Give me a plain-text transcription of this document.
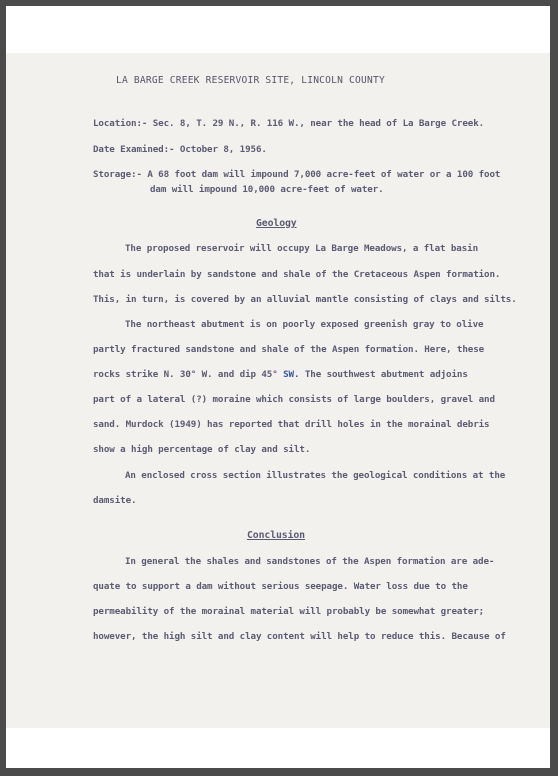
LA BARGE CREEK RESERVOIR SITE, LINCOLN COUNTY
Location:- Sec. 8, T. 29 N., R. 116 W., near the head of La Barge Creek.
Date Examined:- October 8, 1956.
Storage:- A 68 foot dam will impound 7,000 acre-feet of water or a 100 foot
dam will impound 10,000 acre-feet of water.
Geology
The proposed reservoir will occupy La Barge Meadows, a flat basin
that is underlain by sandstone and shale of the Cretaceous Aspen formation.
This, in turn, is covered by an alluvial mantle consisting of clays and silts.
The northeast abutment is on poorly exposed greenish gray to olive
partly fractured sandstone and shale of the Aspen formation. Here, these
rocks strike N. 30° W. and dip 45° SW. The southwest abutment adjoins
part of a lateral (?) moraine which consists of large boulders, gravel and
sand. Murdock (1949) has reported that drill holes in the morainal debris
show a high percentage of clay and silt.
An enclosed cross section illustrates the geological conditions at the
damsite.
Conclusion
In general the shales and sandstones of the Aspen formation are ade-
quate to support a dam without serious seepage. Water loss due to the
permeability of the morainal material will probably be somewhat greater;
however, the high silt and clay content will help to reduce this. Because of
